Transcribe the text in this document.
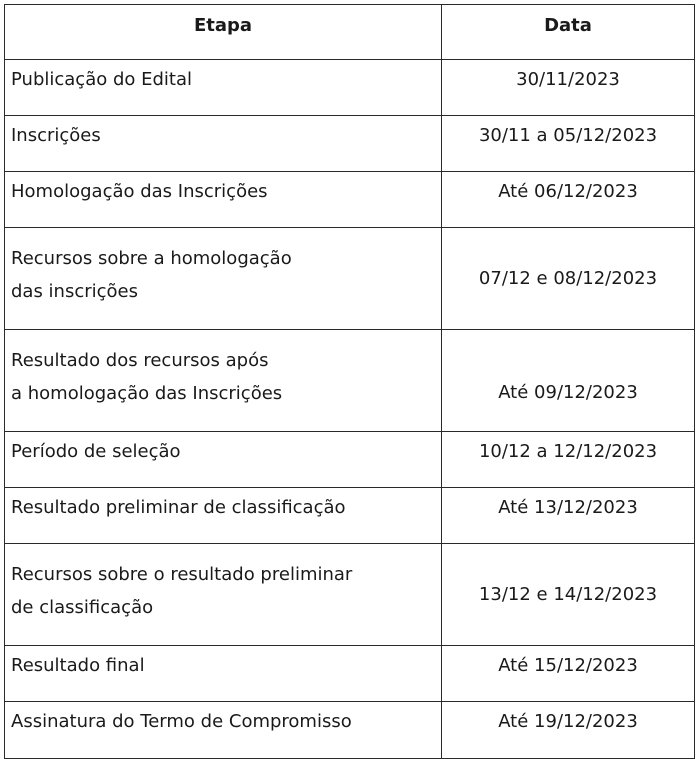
Etapa	Data

Publicação do Edital	30/11/2023

Inscrições	30/11 a 05/12/2023

Homologação das Inscrições	Até 06/12/2023

Recursos sobre a homologação
das inscrições	07/12 e 08/12/2023

Resultado dos recursos após
a homologação das Inscrições	Até 09/12/2023

Período de seleção	10/12 a 12/12/2023

Resultado preliminar de classificação	Até 13/12/2023

Recursos sobre o resultado preliminar
de classificação	13/12 e 14/12/2023

Resultado final	Até 15/12/2023

Assinatura do Termo de Compromisso	Até 19/12/2023
